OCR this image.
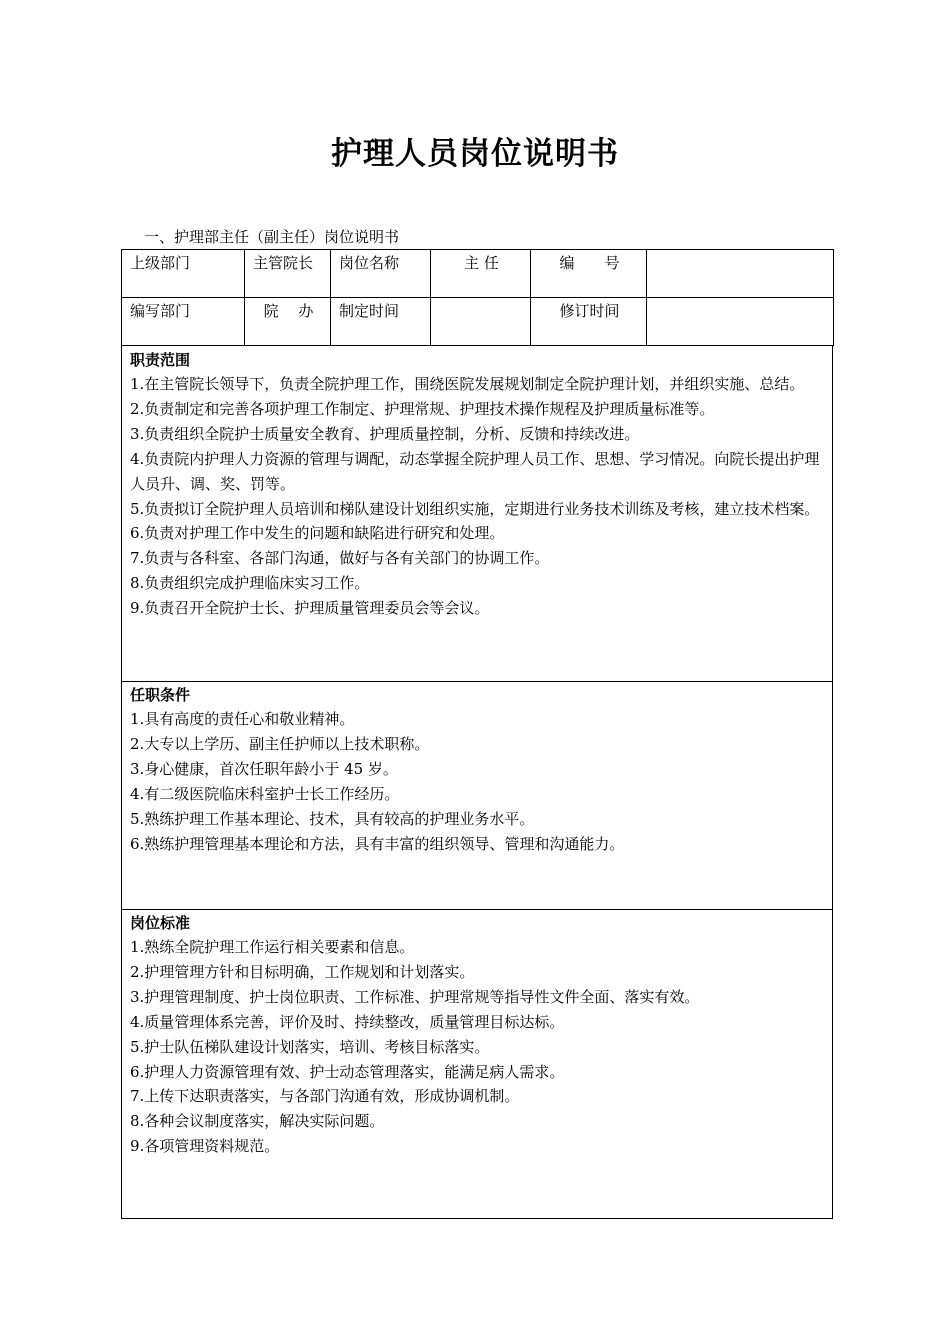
护理人员岗位说明书

一、护理部主任（副主任）岗位说明书

上级部门	主管院长	岗位名称	主 任	编　　号	
编写部门	院　 办	制定时间		修订时间	

职责范围

1.在主管院长领导下，负责全院护理工作，围绕医院发展规划制定全院护理计划，并组织实施、总结。
2.负责制定和完善各项护理工作制定、护理常规、护理技术操作规程及护理质量标准等。
3.负责组织全院护士质量安全教育、护理质量控制，分析、反馈和持续改进。
4.负责院内护理人力资源的管理与调配，动态掌握全院护理人员工作、思想、学习情况。向院长提出护理人员升、调、奖、罚等。
5.负责拟订全院护理人员培训和梯队建设计划组织实施，定期进行业务技术训练及考核，建立技术档案。
6.负责对护理工作中发生的问题和缺陷进行研究和处理。
7.负责与各科室、各部门沟通，做好与各有关部门的协调工作。
8.负责组织完成护理临床实习工作。
9.负责召开全院护士长、护理质量管理委员会等会议。

任职条件

1.具有高度的责任心和敬业精神。
2.大专以上学历、副主任护师以上技术职称。
3.身心健康，首次任职年龄小于 45 岁。
4.有二级医院临床科室护士长工作经历。
5.熟练护理工作基本理论、技术，具有较高的护理业务水平。
6.熟练护理管理基本理论和方法，具有丰富的组织领导、管理和沟通能力。

岗位标准

1.熟练全院护理工作运行相关要素和信息。
2.护理管理方针和目标明确，工作规划和计划落实。
3.护理管理制度、护士岗位职责、工作标准、护理常规等指导性文件全面、落实有效。
4.质量管理体系完善，评价及时、持续整改，质量管理目标达标。
5.护士队伍梯队建设计划落实，培训、考核目标落实。
6.护理人力资源管理有效、护士动态管理落实，能满足病人需求。
7.上传下达职责落实，与各部门沟通有效，形成协调机制。
8.各种会议制度落实，解决实际问题。
9.各项管理资料规范。
